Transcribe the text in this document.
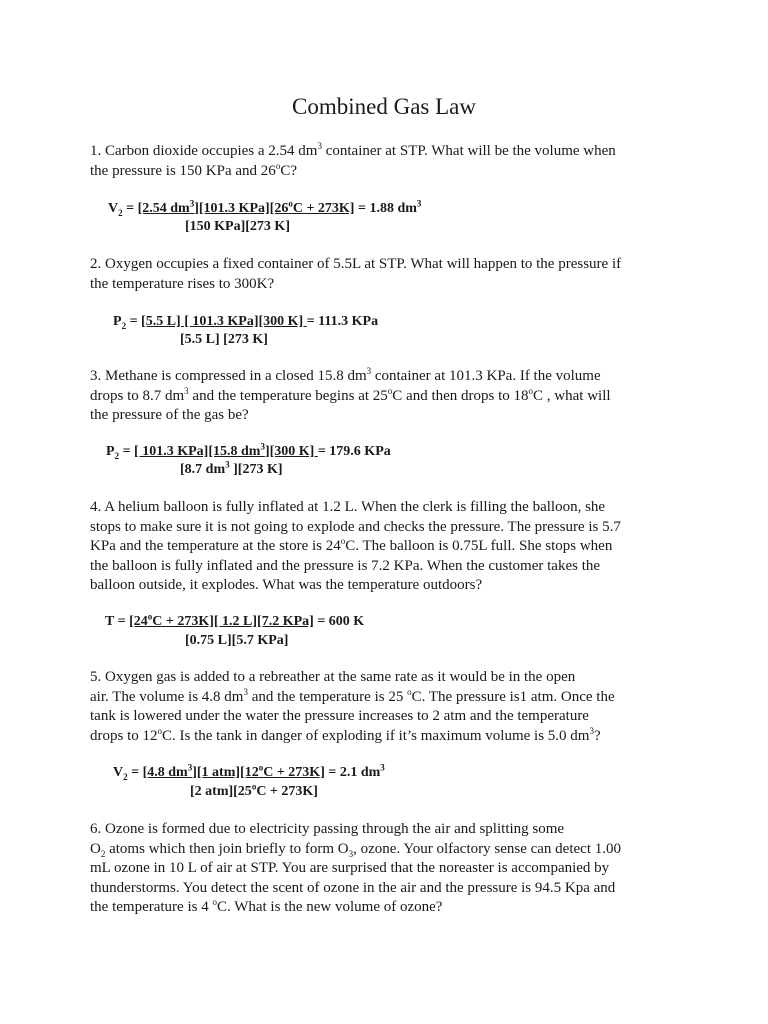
Combined Gas Law
1. Carbon dioxide occupies a 2.54 $dm^3$ container at STP. What will be the volume when
the pressure is 150 KPa and 26$^o$C?
$V_2 = [2.54$ $dm^3][101.3$ $KPa][26^oC + 273K] = 1.88$ $dm^3$
[150 KPa][273 K]
2. Oxygen occupies a fixed container of 5.5L at STP. What will happen to the pressure if
the temperature rises to 300K?
$P_2 = [5.5$ L] [ 101.3 KPa][300 K] = 111.3 KPa
[5.5 L] [273 K]
3. Methane is compressed in a closed 15.8 $dm^3$ container at 101.3 KPa. If the volume
drops to 8.7 $dm^3$ and the temperature begins at 25$^o$C and then drops to 18$^o$C , what will
the pressure of the gas be?
$P_2$ = [ 101.3 KPa][15.8 $dm^3][300$ K] = 179.6 KPa
[8.7 $dm^3$ ][273 K]
4. A helium balloon is fully inflated at 1.2 L. When the clerk is filling the balloon, she
stops to make sure it is not going to explode and checks the pressure. The pressure is 5.7
KPa and the temperature at the store is 24$^o$C. The balloon is 0.75L full. She stops when
the balloon is fully inflated and the pressure is 7.2 KPa. When the customer takes the
balloon outside, it explodes. What was the temperature outdoors?
$T = [24^oC + 273K]$[ 1.2 L][7.2 KPa] = 600 K
[0.75 L][5.7 KPa]
5. Oxygen gas is added to a rebreather at the same rate as it would be in the open
air. The volume is 4.8 $dm^3$ and the temperature is 25 $^o$C. The pressure is1 atm. Once the
tank is lowered under the water the pressure increases to 2 atm and the temperature
drops to 12$^o$C. Is the tank in danger of exploding if it’s maximum volume is 5.0 $dm^3$?
$V_2 = [4.8$ $dm^3][1$ $atm][12^oC + 273K] = 2.1$ $dm^3$
[2 $atm][25^oC + 273K]$
6. Ozone is formed due to electricity passing through the air and splitting some
$O_2$ atoms which then join briefly to form $O_3$, ozone. Your olfactory sense can detect 1.00
mL ozone in 10 L of air at STP. You are surprised that the noreaster is accompanied by
thunderstorms. You detect the scent of ozone in the air and the pressure is 94.5 Kpa and
the temperature is 4 $^o$C. What is the new volume of ozone?
